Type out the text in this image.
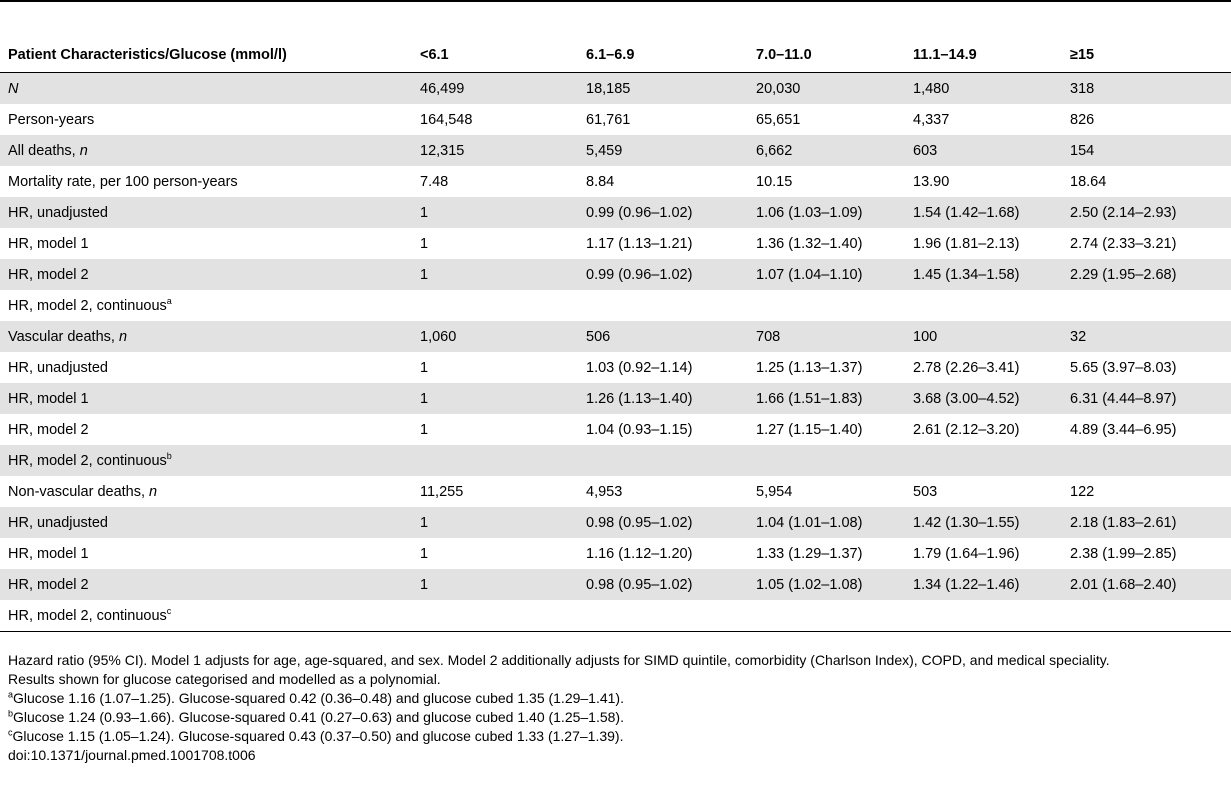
Patient Characteristics/Glucose (mmol/l)	<6.1	6.1–6.9	7.0–11.0	11.1–14.9	≥15
N	46,499	18,185	20,030	1,480	318
Person-years	164,548	61,761	65,651	4,337	826
All deaths, n	12,315	5,459	6,662	603	154
Mortality rate, per 100 person-years	7.48	8.84	10.15	13.90	18.64
HR, unadjusted	1	0.99 (0.96–1.02)	1.06 (1.03–1.09)	1.54 (1.42–1.68)	2.50 (2.14–2.93)
HR, model 1	1	1.17 (1.13–1.21)	1.36 (1.32–1.40)	1.96 (1.81–2.13)	2.74 (2.33–3.21)
HR, model 2	1	0.99 (0.96–1.02)	1.07 (1.04–1.10)	1.45 (1.34–1.58)	2.29 (1.95–2.68)
HR, model 2, continuous$^a$					
Vascular deaths, n	1,060	506	708	100	32
HR, unadjusted	1	1.03 (0.92–1.14)	1.25 (1.13–1.37)	2.78 (2.26–3.41)	5.65 (3.97–8.03)
HR, model 1	1	1.26 (1.13–1.40)	1.66 (1.51–1.83)	3.68 (3.00–4.52)	6.31 (4.44–8.97)
HR, model 2	1	1.04 (0.93–1.15)	1.27 (1.15–1.40)	2.61 (2.12–3.20)	4.89 (3.44–6.95)
HR, model 2, continuous$^b$					
Non-vascular deaths, n	11,255	4,953	5,954	503	122
HR, unadjusted	1	0.98 (0.95–1.02)	1.04 (1.01–1.08)	1.42 (1.30–1.55)	2.18 (1.83–2.61)
HR, model 1	1	1.16 (1.12–1.20)	1.33 (1.29–1.37)	1.79 (1.64–1.96)	2.38 (1.99–2.85)
HR, model 2	1	0.98 (0.95–1.02)	1.05 (1.02–1.08)	1.34 (1.22–1.46)	2.01 (1.68–2.40)
HR, model 2, continuous$^c$					

Hazard ratio (95% CI). Model 1 adjusts for age, age-squared, and sex. Model 2 additionally adjusts for SIMD quintile, comorbidity (Charlson Index), COPD, and medical speciality.

Results shown for glucose categorised and modelled as a polynomial.

$^a$Glucose 1.16 (1.07–1.25). Glucose-squared 0.42 (0.36–0.48) and glucose cubed 1.35 (1.29–1.41).

$^b$Glucose 1.24 (0.93–1.66). Glucose-squared 0.41 (0.27–0.63) and glucose cubed 1.40 (1.25–1.58).

$^c$Glucose 1.15 (1.05–1.24). Glucose-squared 0.43 (0.37–0.50) and glucose cubed 1.33 (1.27–1.39).

doi:10.1371/journal.pmed.1001708.t006
